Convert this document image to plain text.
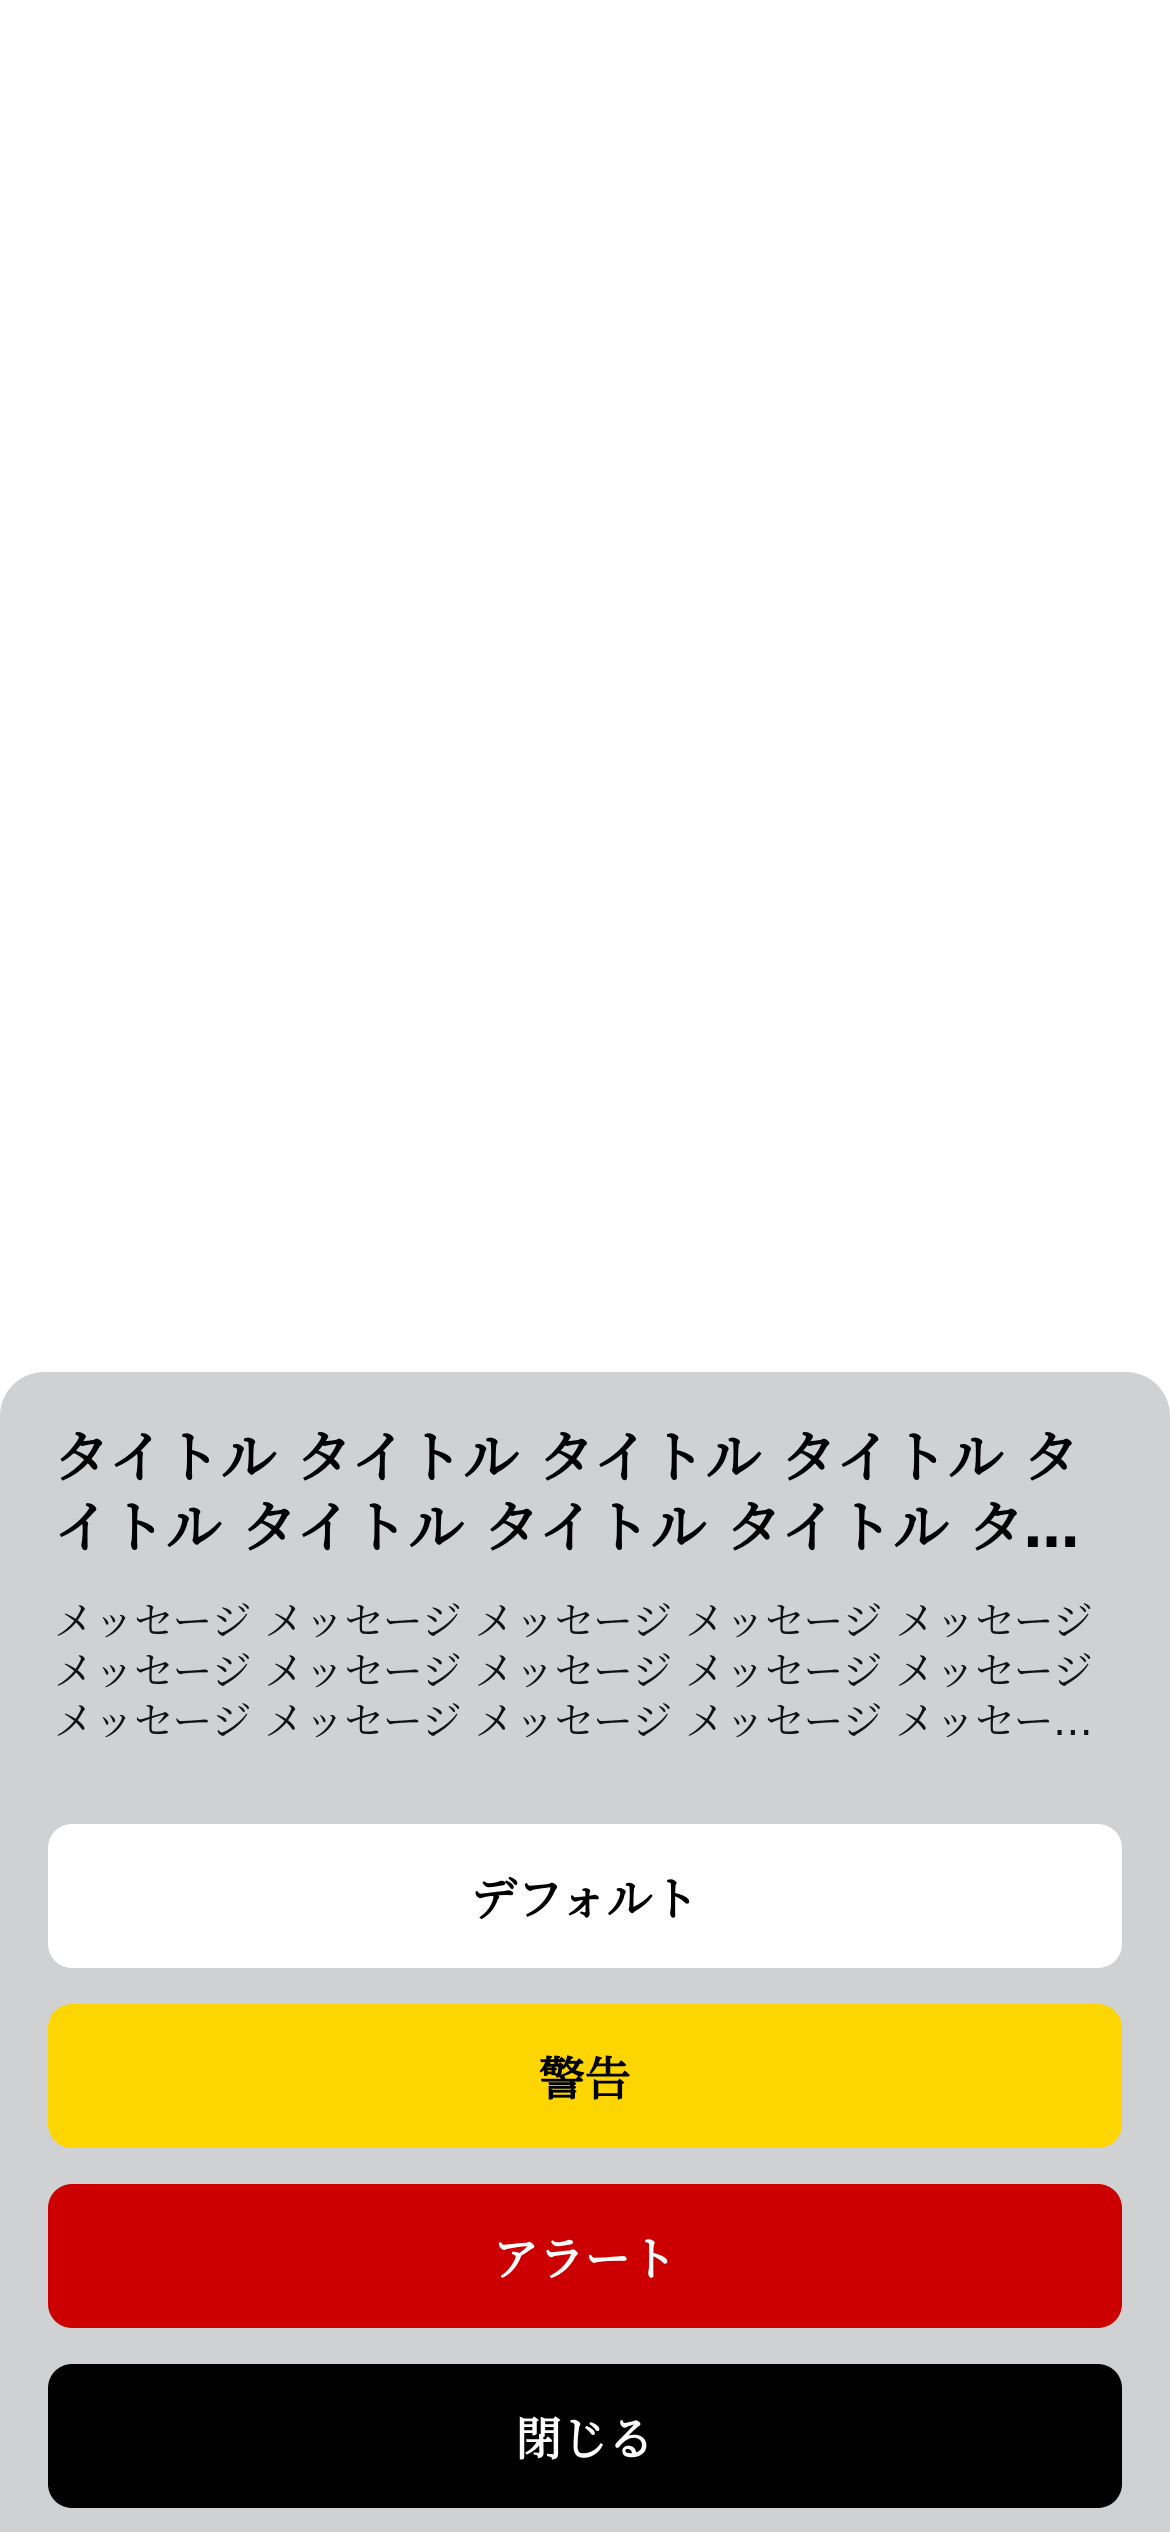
タイトル タイトル タイトル タイトル タイトル タイトル タイトル タイトル タイ
メッセージ メッセージ メッセージ メッセージ メッセージ メッセージ メッセージ メッセージ メッセージ メッセージ メッセージ メッセージ メッセージ メッセージ メッセージ
デフォルト
警告
アラート
閉じる
